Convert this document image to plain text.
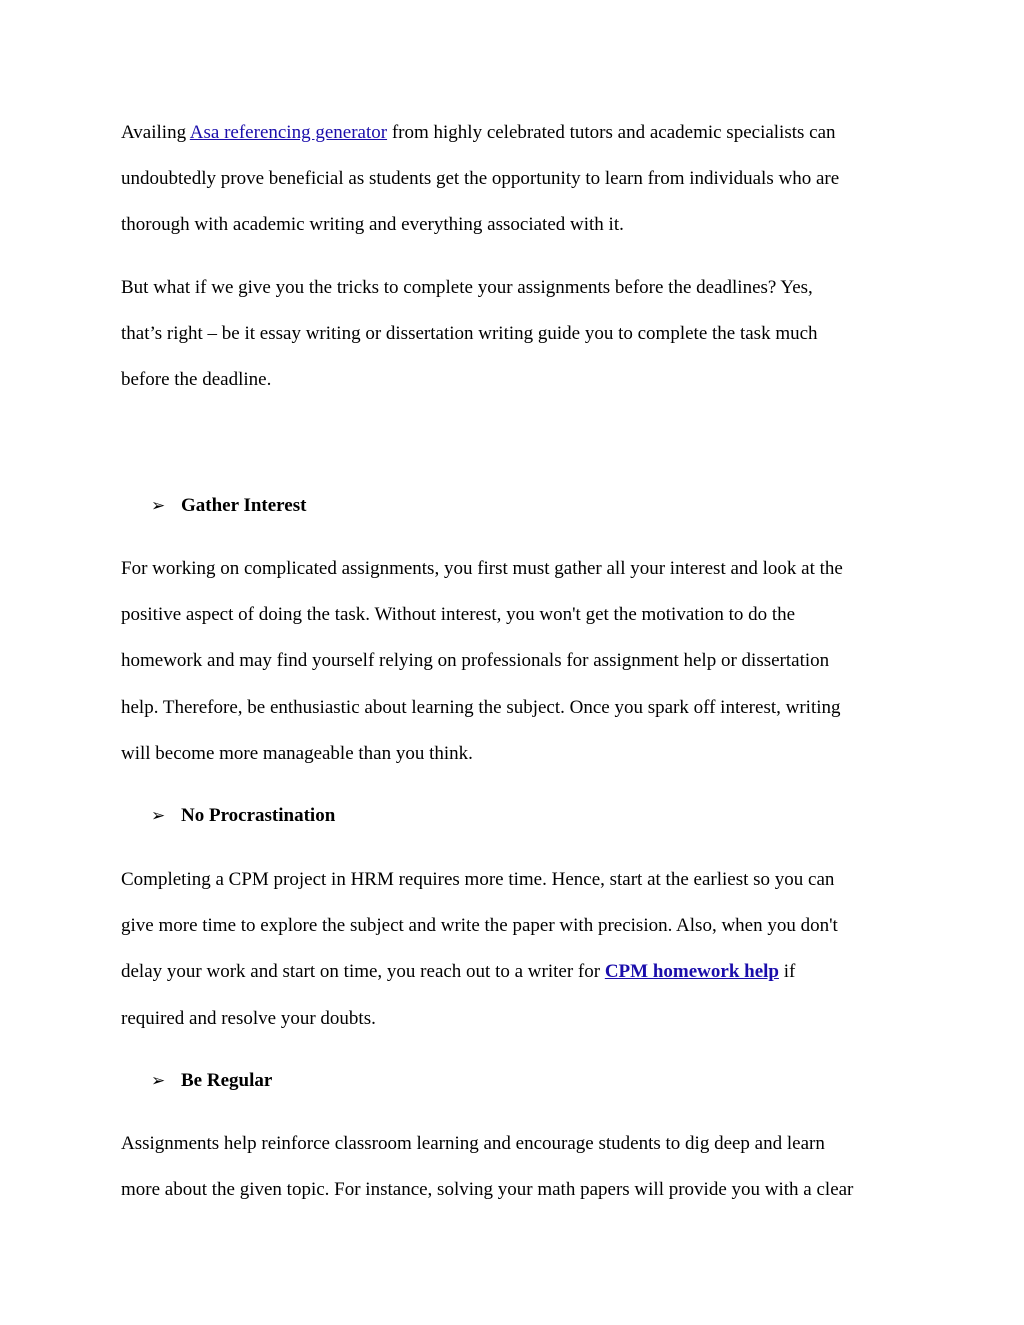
Availing Asa referencing generator from highly celebrated tutors and academic specialists can
undoubtedly prove beneficial as students get the opportunity to learn from individuals who are
thorough with academic writing and everything associated with it.

But what if we give you the tricks to complete your assignments before the deadlines? Yes,
that’s right – be it essay writing or dissertation writing guide you to complete the task much
before the deadline.

➢ Gather Interest

For working on complicated assignments, you first must gather all your interest and look at the
positive aspect of doing the task. Without interest, you won't get the motivation to do the
homework and may find yourself relying on professionals for assignment help or dissertation
help. Therefore, be enthusiastic about learning the subject. Once you spark off interest, writing
will become more manageable than you think.

➢ No Procrastination

Completing a CPM project in HRM requires more time. Hence, start at the earliest so you can
give more time to explore the subject and write the paper with precision. Also, when you don't
delay your work and start on time, you reach out to a writer for CPM homework help if
required and resolve your doubts.

➢ Be Regular

Assignments help reinforce classroom learning and encourage students to dig deep and learn
more about the given topic. For instance, solving your math papers will provide you with a clear
